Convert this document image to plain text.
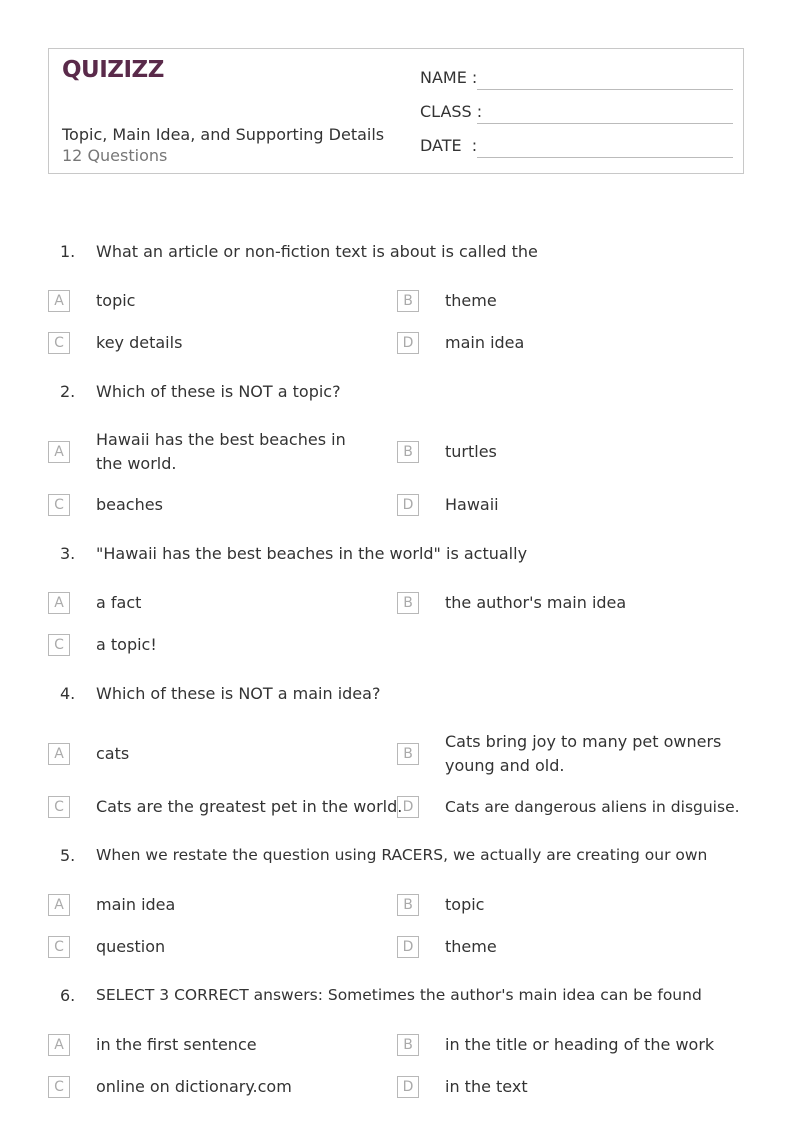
QUIZIZZ
Topic, Main Idea, and Supporting Details
12 Questions
NAME :
CLASS :
DATE  :
1. What an article or non-fiction text is about is called the
A	topic	B	theme
C	key details	D	main idea
2. Which of these is NOT a topic?
A
Hawaii has the best beaches in the world.
B	turtles
C	beaches	D	Hawaii
3. "Hawaii has the best beaches in the world" is actually
A	a fact	B	the author's main idea
C	a topic!
4. Which of these is NOT a main idea?
A	cats	B
Cats bring joy to many pet owners young and old.
C	Cats are the greatest pet in the world. D	Cats are dangerous aliens in disguise.
5. When we restate the question using RACERS, we actually are creating our own
A	main idea	B	topic
C	question	D	theme
6. SELECT 3 CORRECT answers: Sometimes the author's main idea can be found
A	in the first sentence	B	in the title or heading of the work
C	online on dictionary.com	D	in the text
